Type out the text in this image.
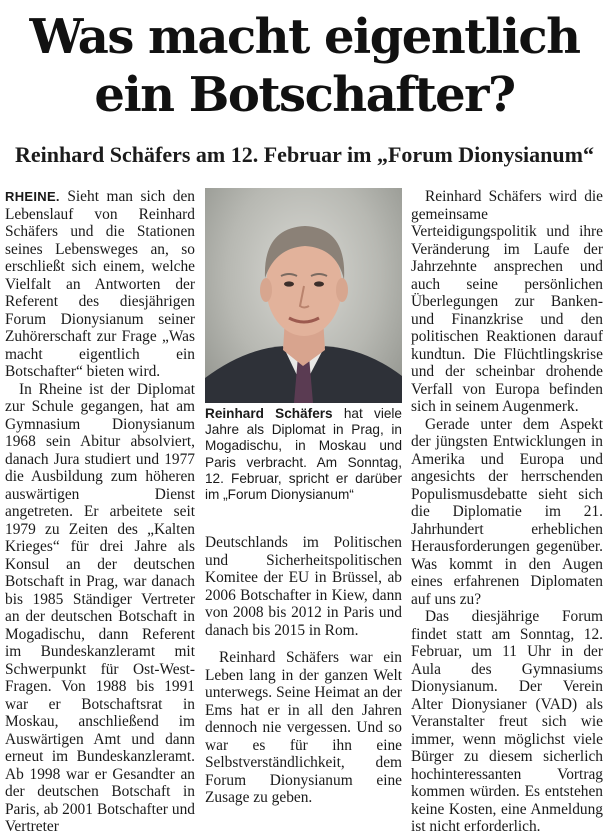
Was macht eigentlich
ein Botschafter?
Reinhard Schäfers am 12. Februar im „Forum Dionysianum“

RHEINE. Sieht man sich den Lebenslauf von Reinhard Schäfers und die Stationen seines Lebensweges an, so erschließt sich einem, welche Vielfalt an Antworten der Referent des diesjährigen Forum Dionysianum seiner Zuhörerschaft zur Frage „Was macht eigentlich ein Botschafter“ bieten wird.

In Rheine ist der Diplomat zur Schule gegangen, hat am Gymnasium Dionysianum 1968 sein Abitur absolviert, danach Jura studiert und 1977 die Ausbildung zum höheren auswärtigen Dienst angetreten. Er arbeitete seit 1979 zu Zeiten des „Kalten Krieges“ für drei Jahre als Konsul an der deutschen Botschaft in Prag, war danach bis 1985 Ständiger Vertreter an der deutschen Botschaft in Mogadischu, dann Referent im Bundeskanzleramt mit Schwerpunkt für Ost-West-Fragen. Von 1988 bis 1991 war er Botschaftsrat in Moskau, anschließend im Auswärtigen Amt und dann erneut im Bundeskanzleramt. Ab 1998 war er Gesandter an der deutschen Botschaft in Paris, ab 2001 Botschafter und Vertreter

Reinhard Schäfers hat viele Jahre als Diplomat in Prag, in Mogadischu, in Moskau und Paris verbracht. Am Sonntag, 12. Februar, spricht er darüber im „Forum Dionysianum“

Deutschlands im Politischen und Sicherheitspolitischen Komitee der EU in Brüssel, ab 2006 Botschafter in Kiew, dann von 2008 bis 2012 in Paris und danach bis 2015 in Rom.

Reinhard Schäfers war ein Leben lang in der ganzen Welt unterwegs. Seine Heimat an der Ems hat er in all den Jahren dennoch nie vergessen. Und so war es für ihn eine Selbstverständlichkeit, dem Forum Dionysianum eine Zusage zu geben.

Reinhard Schäfers wird die gemeinsame Verteidigungspolitik und ihre Veränderung im Laufe der Jahrzehnte ansprechen und auch seine persönlichen Überlegungen zur Banken- und Finanzkrise und den politischen Reaktionen darauf kundtun. Die Flüchtlingskrise und der scheinbar drohende Verfall von Europa befinden sich in seinem Augenmerk.

Gerade unter dem Aspekt der jüngsten Entwicklungen in Amerika und Europa und angesichts der herrschenden Populismusdebatte sieht sich die Diplomatie im 21. Jahrhundert erheblichen Herausforderungen gegenüber. Was kommt in den Augen eines erfahrenen Diplomaten auf uns zu?

Das diesjährige Forum findet statt am Sonntag, 12. Februar, um 11 Uhr in der Aula des Gymnasiums Dionysianum. Der Verein Alter Dionysianer (VAD) als Veranstalter freut sich wie immer, wenn möglichst viele Bürger zu diesem sicherlich hochinteressanten Vortrag kommen würden. Es entstehen keine Kosten, eine Anmeldung ist nicht erforderlich.
